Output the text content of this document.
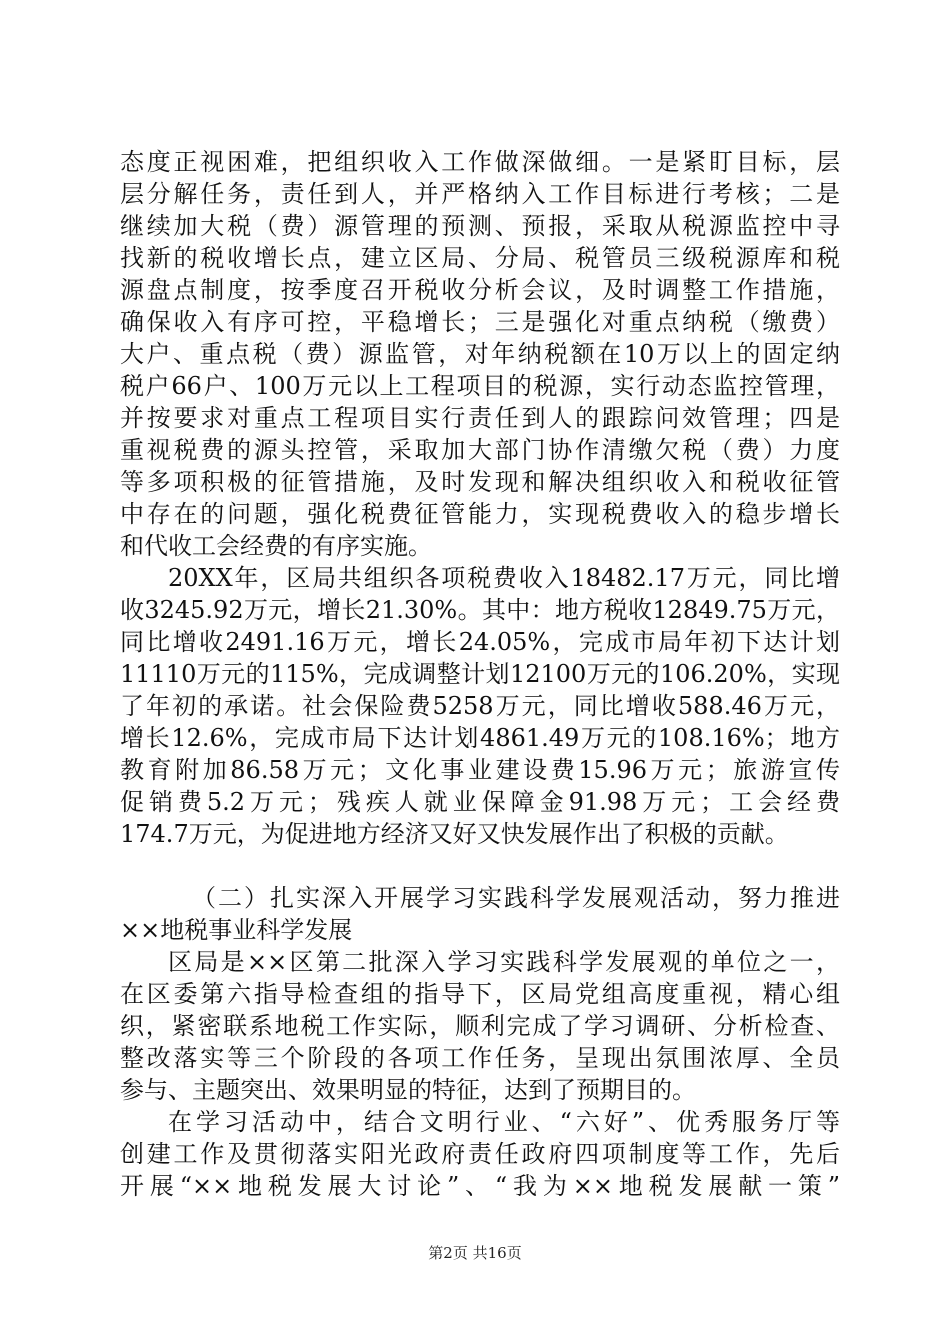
态度正视困难，把组织收入工作做深做细。一是紧盯目标，层
层分解任务，责任到人，并严格纳入工作目标进行考核；二是
继续加大税（费）源管理的预测、预报，采取从税源监控中寻
找新的税收增长点，建立区局、分局、税管员三级税源库和税
源盘点制度，按季度召开税收分析会议，及时调整工作措施，
确保收入有序可控，平稳增长；三是强化对重点纳税（缴费）
大户、重点税（费）源监管，对年纳税额在10万以上的固定纳
税户66户、100万元以上工程项目的税源，实行动态监控管理，
并按要求对重点工程项目实行责任到人的跟踪问效管理；四是
重视税费的源头控管，采取加大部门协作清缴欠税（费）力度
等多项积极的征管措施，及时发现和解决组织收入和税收征管
中存在的问题，强化税费征管能力，实现税费收入的稳步增长
和代收工会经费的有序实施。
20XX年，区局共组织各项税费收入18482.17万元，同比增
收3245.92万元，增长21.30%。其中：地方税收12849.75万元，
同比增收2491.16万元，增长24.05%，完成市局年初下达计划
11110万元的115%，完成调整计划12100万元的106.20%，实现
了年初的承诺。社会保险费5258万元，同比增收588.46万元，
增长12.6%，完成市局下达计划4861.49万元的108.16%；地方
教育附加86.58万元；文化事业建设费15.96万元；旅游宣传
促销费5.2万元；残疾人就业保障金91.98万元；工会经费
174.7万元，为促进地方经济又好又快发展作出了积极的贡献。
（二）扎实深入开展学习实践科学发展观活动，努力推进
××地税事业科学发展
区局是××区第二批深入学习实践科学发展观的单位之一，
在区委第六指导检查组的指导下，区局党组高度重视，精心组
织，紧密联系地税工作实际，顺利完成了学习调研、分析检查、
整改落实等三个阶段的各项工作任务，呈现出氛围浓厚、全员
参与、主题突出、效果明显的特征，达到了预期目的。
在学习活动中，结合文明行业、“六好”、优秀服务厅等
创建工作及贯彻落实阳光政府责任政府四项制度等工作，先后
开展“××地税发展大讨论”、“我为××地税发展献一策”
第2页 共16页
